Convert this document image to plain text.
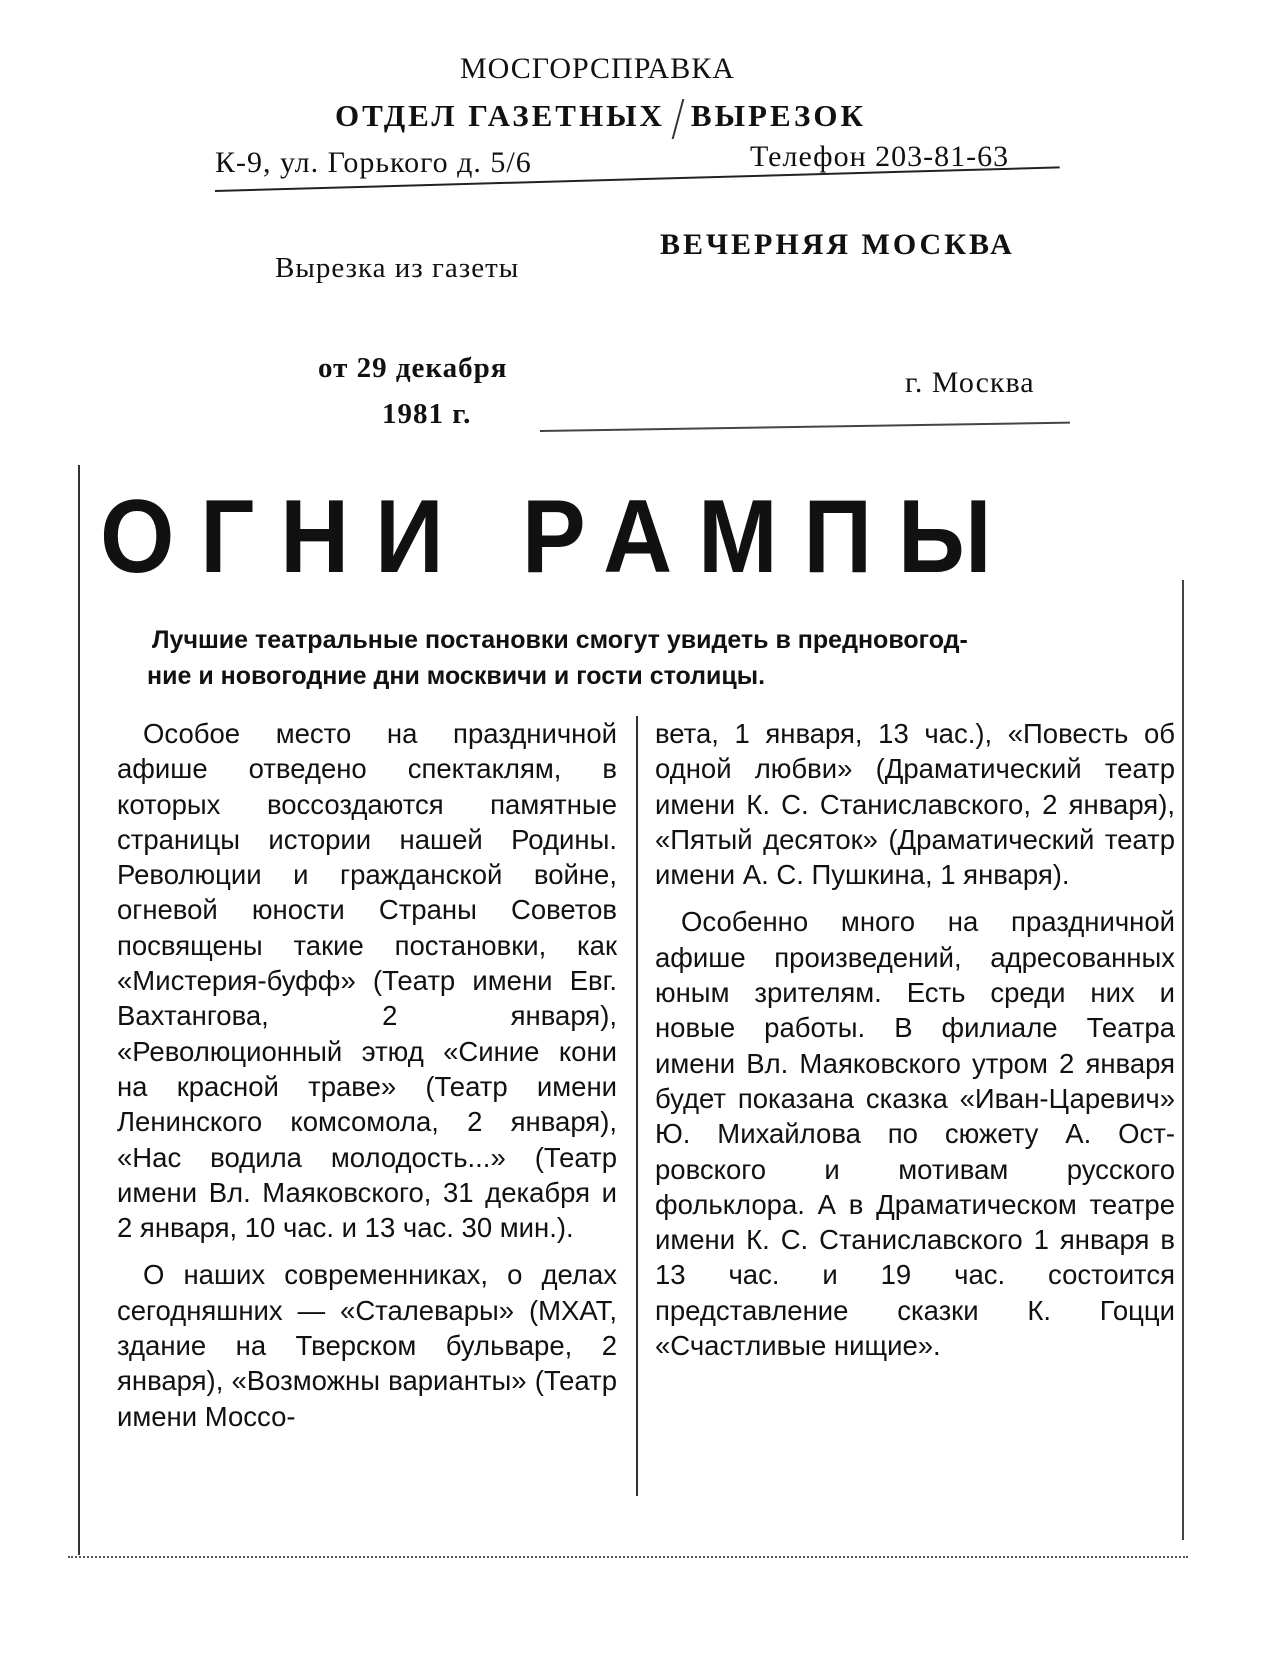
МОСГОРСПРАВКА
ОТДЕЛ ГАЗЕТНЫХ ВЫРЕЗОК
К-9, ул. Горького д. 5/6	Телефон 203-81-63
Вырезка из газеты
ВЕЧЕРНЯЯ МОСКВА
от 29 декабря
1981 г.
г. Москва
ОГНИ РАМПЫ
Лучшие театральные постановки смогут увидеть в предновогод-
ние и новогодние дни москвичи и гости столицы.

Особое место на праздничной афише отведено спектаклям, в которых воссоздаются памятные страницы истории нашей Родины. Революции и гражданской войне, огневой юности Страны Советов посвящены такие постановки, как «Мистерия-буфф» (Театр имени Евг. Вахтангова, 2 января), «Революционный этюд «Синие кони на красной траве» (Театр имени Ленинского комсомола, 2 января), «Нас водила молодость...» (Театр имени Вл. Маяковского, 31 декабря и 2 января, 10 час. и 13 час. 30 мин.).

О наших современниках, о делах сегодняшних — «Сталевары» (МХАТ, здание на Тверском бульваре, 2 января), «Возможны варианты» (Театр имени Моссо-

вета, 1 января, 13 час.), «Повесть об одной любви» (Драматический театр имени К. С. Станиславского, 2 января), «Пятый десяток» (Драматический театр имени А. С. Пушкина, 1 января).

Особенно много на праздничной афише произведений, адресованных юным зрителям. Есть среди них и новые работы. В филиале Театра имени Вл. Маяковского утром 2 января будет показана сказка «Иван-Царевич» Ю. Михайлова по сюжету А. Островского и мотивам русского фольклора. А в Драматическом театре имени К. С. Станиславского 1 января в 13 час. и 19 час. состоится представление сказки К. Гоцци «Счастливые нищие».
